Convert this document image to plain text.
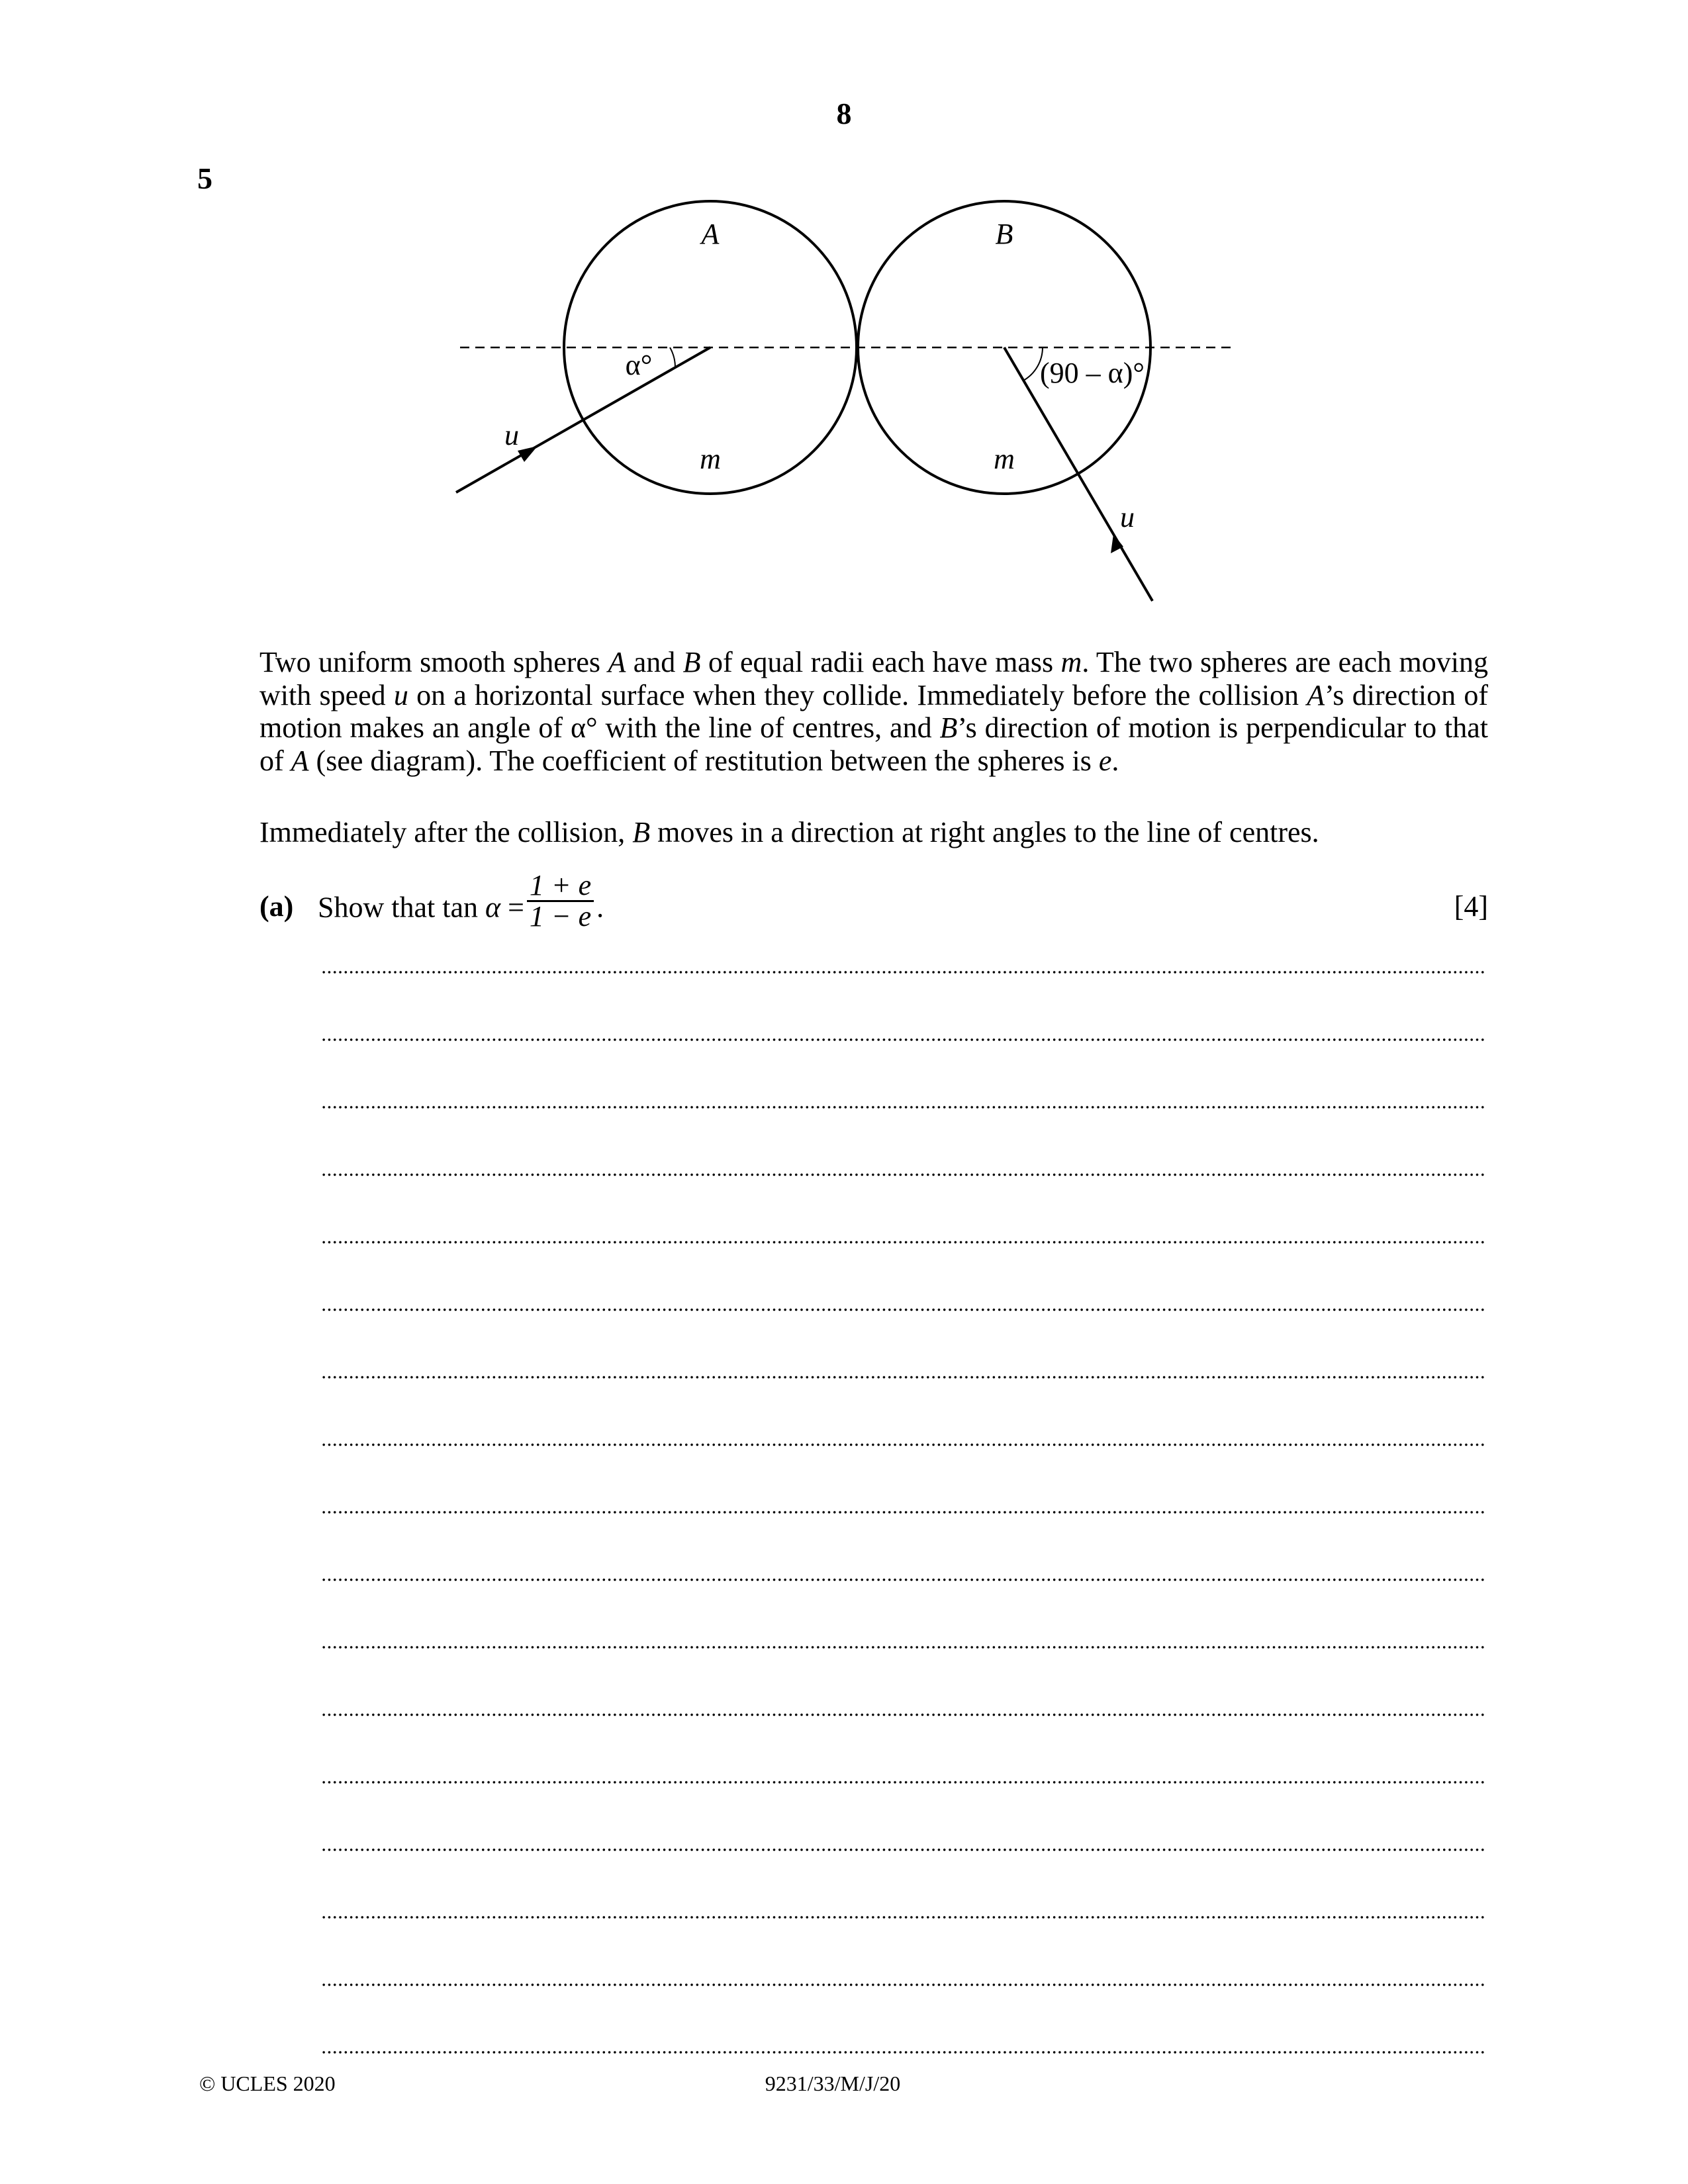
8
5
A	B
m	m
u
u
α°	(90 – α)°
Two uniform smooth spheres A and B of equal radii each have mass m. The two spheres are each moving with speed u on a horizontal surface when they collide. Immediately before the collision A’s direction of motion makes an angle of α° with the line of centres, and B’s direction of motion is perpendicular to that of A (see diagram). The coefficient of restitution between the spheres is e.
Immediately after the collision, B moves in a direction at right angles to the line of centres.
(a) Show that $\tan \alpha = \frac{1 + e}{1 - e}$ .	[4]
© UCLES 2020	9231/33/M/J/20
